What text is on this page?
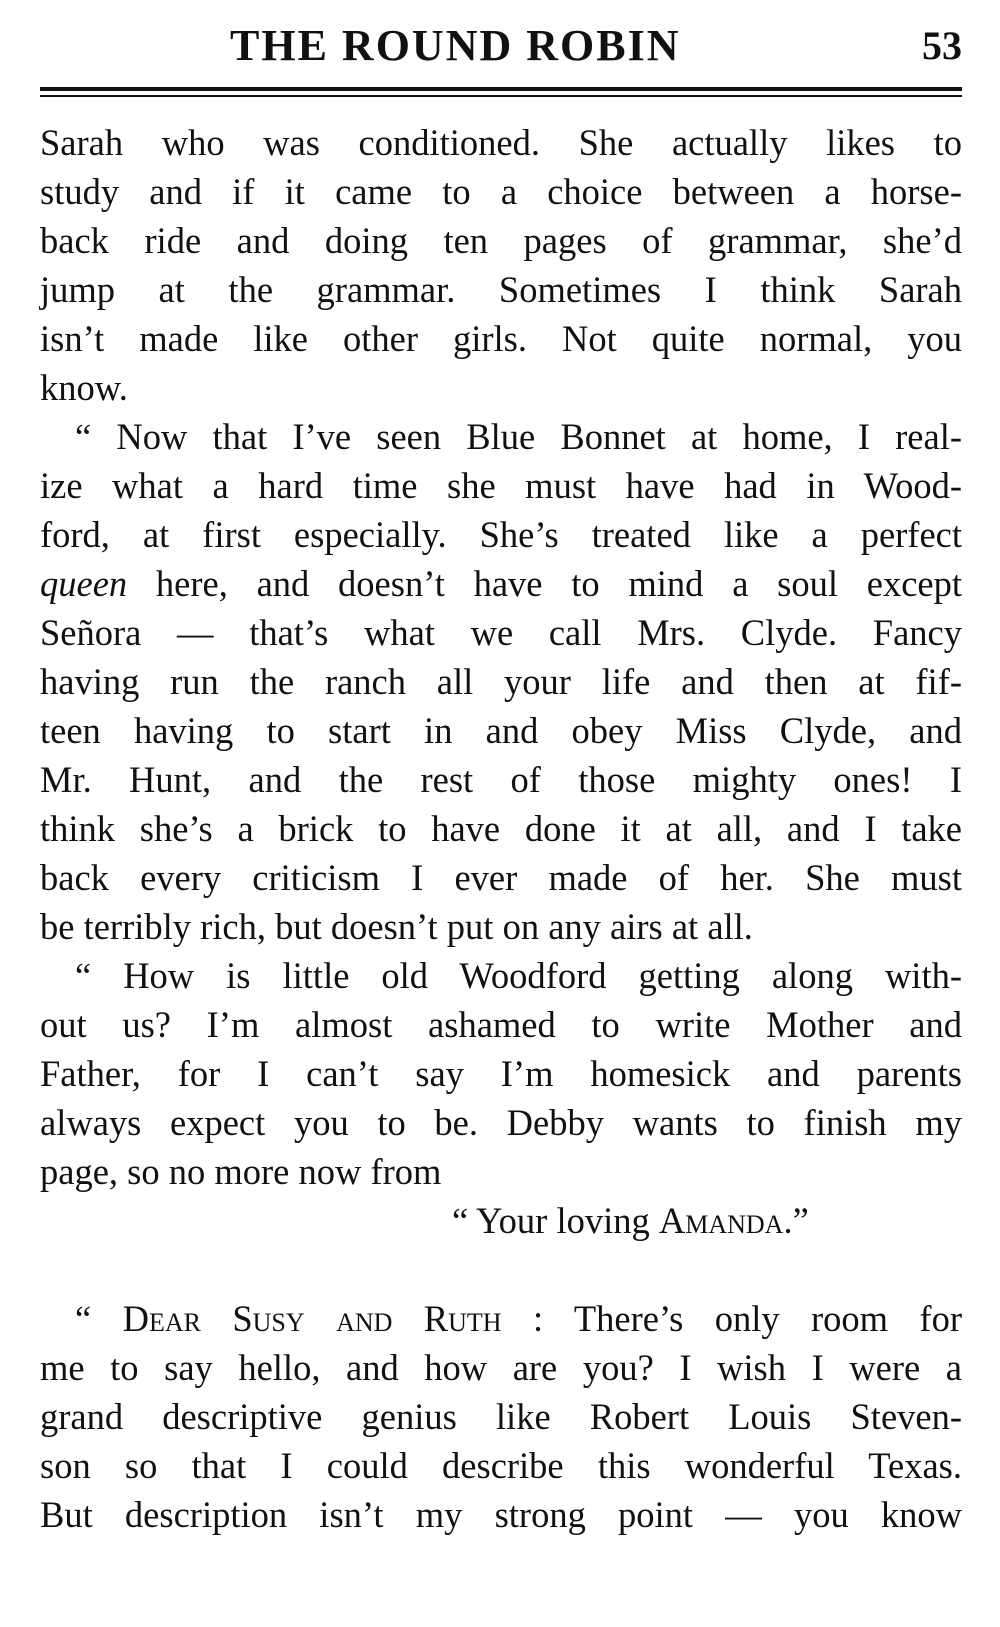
THE ROUND ROBIN	53
Sarah who was conditioned. She actually likes to
study and if it came to a choice between a horse-
back ride and doing ten pages of grammar, she’d
jump at the grammar. Sometimes I think Sarah
isn’t made like other girls. Not quite normal, you
know.
“ Now that I’ve seen Blue Bonnet at home, I real-
ize what a hard time she must have had in Wood-
ford, at first especially. She’s treated like a perfect
queen here, and doesn’t have to mind a soul except
Señora — that’s what we call Mrs. Clyde. Fancy
having run the ranch all your life and then at fif-
teen having to start in and obey Miss Clyde, and
Mr. Hunt, and the rest of those mighty ones! I
think she’s a brick to have done it at all, and I take
back every criticism I ever made of her. She must
be terribly rich, but doesn’t put on any airs at all.
“ How is little old Woodford getting along with-
out us? I’m almost ashamed to write Mother and
Father, for I can’t say I’m homesick and parents
always expect you to be. Debby wants to finish my
page, so no more now from
“ Your loving Amanda.”
“ Dear Susy and Ruth : There’s only room for
me to say hello, and how are you? I wish I were a
grand descriptive genius like Robert Louis Steven-
son so that I could describe this wonderful Texas.
But description isn’t my strong point — you know
